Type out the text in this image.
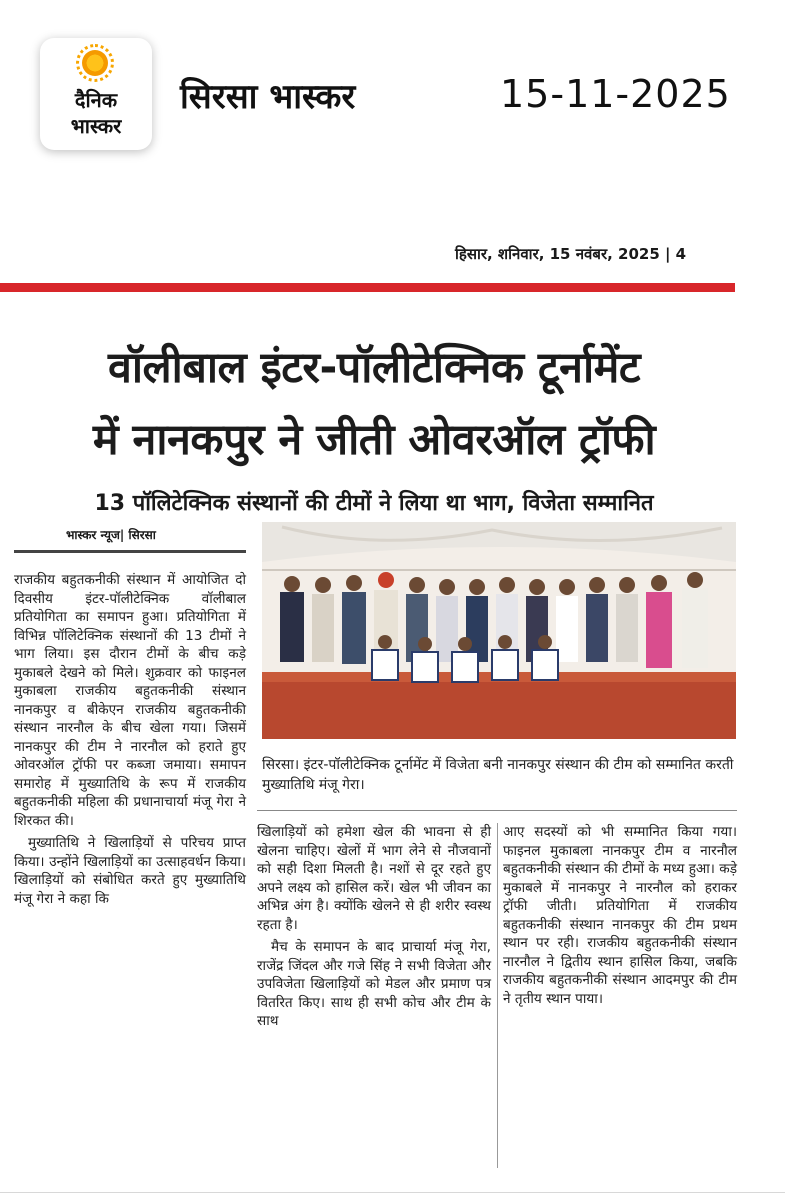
दैनिक
भास्कर
सिरसा भास्कर	15-11-2025
हिसार, शनिवार, 15 नवंबर, 2025 | 4
वॉलीबाल इंटर-पॉलीटेक्निक टूर्नामेंट
में नानकपुर ने जीती ओवरऑल ट्रॉफी
13 पॉलिटेक्निक संस्थानों की टीमों ने लिया था भाग, विजेता सम्मानित
भास्कर न्यूज| सिरसा

राजकीय बहुतकनीकी संस्थान में आयोजित दो दिवसीय इंटर-पॉलीटेक्निक वॉलीबाल प्रतियोगिता का समापन हुआ। प्रतियोगिता में विभिन्न पॉलिटेक्निक संस्थानों की 13 टीमों ने भाग लिया। इस दौरान टीमों के बीच कड़े मुकाबले देखने को मिले। शुक्रवार को फाइनल मुकाबला राजकीय बहुतकनीकी संस्थान नानकपुर व बीकेएन राजकीय बहुतकनीकी संस्थान नारनौल के बीच खेला गया। जिसमें नानकपुर की टीम ने नारनौल को हराते हुए ओवरऑल ट्रॉफी पर कब्जा जमाया। समापन समारोह में मुख्यातिथि के रूप में राजकीय बहुतकनीकी महिला की प्रधानाचार्या मंजू गेरा ने शिरकत की।

मुख्यातिथि ने खिलाड़ियों से परिचय प्राप्त किया। उन्होंने खिलाड़ियों का उत्साहवर्धन किया। खिलाड़ियों को संबोधित करते हुए मुख्यातिथि मंजू गेरा ने कहा कि

सिरसा। इंटर-पॉलीटेक्निक टूर्नामेंट में विजेता बनी नानकपुर संस्थान की टीम को सम्मानित करती मुख्यातिथि मंजू गेरा।

खिलाड़ियों को हमेशा खेल की भावना से ही खेलना चाहिए। खेलों में भाग लेने से नौजवानों को सही दिशा मिलती है। नशों से दूर रहते हुए अपने लक्ष्य को हासिल करें। खेल भी जीवन का अभिन्न अंग है। क्योंकि खेलने से ही शरीर स्वस्थ रहता है।

मैच के समापन के बाद प्राचार्या मंजू गेरा, राजेंद्र जिंदल और गजे सिंह ने सभी विजेता और उपविजेता खिलाड़ियों को मेडल और प्रमाण पत्र वितरित किए। साथ ही सभी कोच और टीम के साथ

आए सदस्यों को भी सम्मानित किया गया। फाइनल मुकाबला नानकपुर टीम व नारनौल बहुतकनीकी संस्थान की टीमों के मध्य हुआ। कड़े मुकाबले में नानकपुर ने नारनौल को हराकर ट्रॉफी जीती। प्रतियोगिता में राजकीय बहुतकनीकी संस्थान नानकपुर की टीम प्रथम स्थान पर रही। राजकीय बहुतकनीकी संस्थान नारनौल ने द्वितीय स्थान हासिल किया, जबकि राजकीय बहुतकनीकी संस्थान आदमपुर की टीम ने तृतीय स्थान पाया।
